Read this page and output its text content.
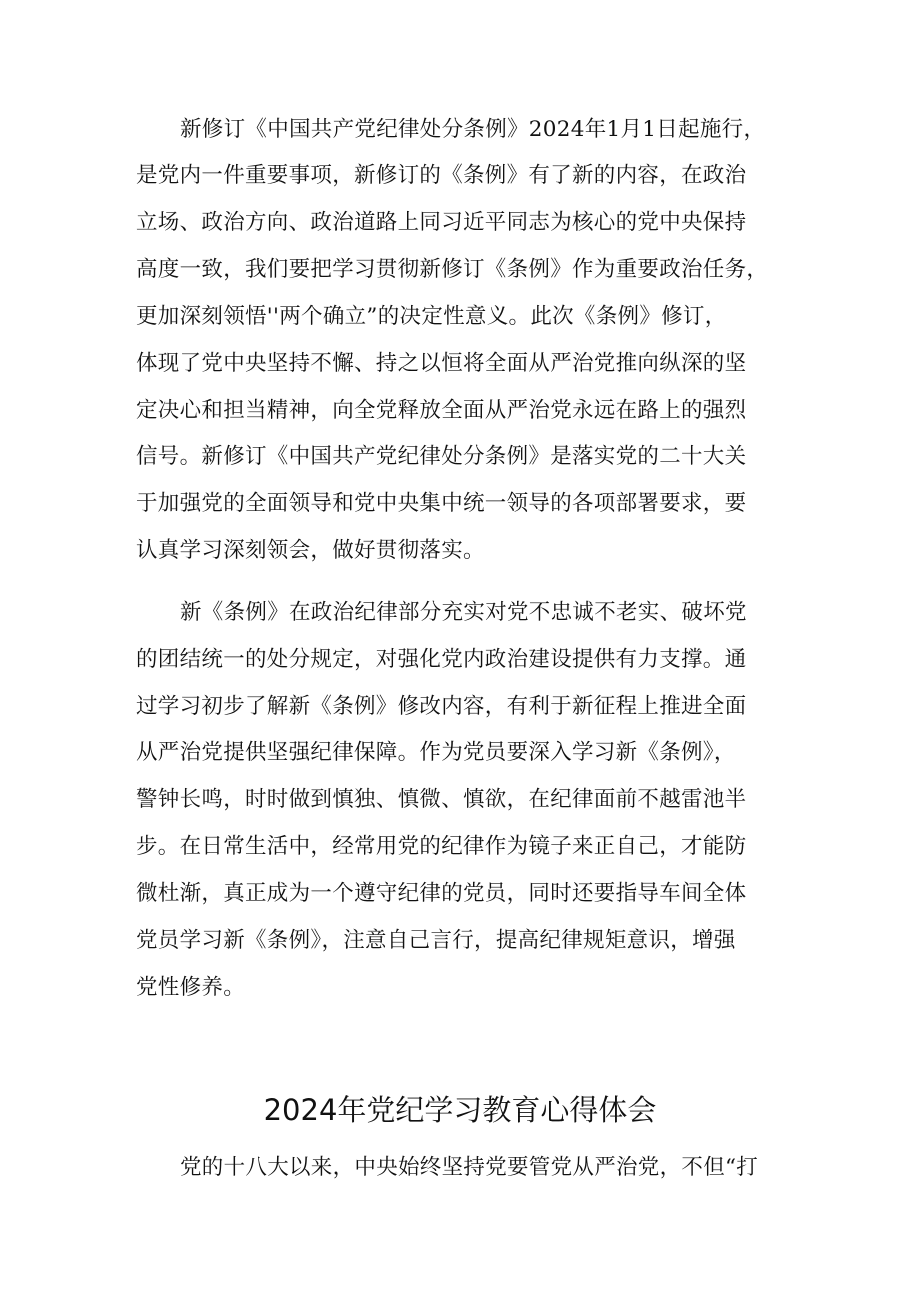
新修订《中国共产党纪律处分条例》2024年1月1日起施行，
是党内一件重要事项，新修订的《条例》有了新的内容，在政治
立场、政治方向、政治道路上同习近平同志为核心的党中央保持
高度一致，我们要把学习贯彻新修订《条例》作为重要政治任务，
更加深刻领悟''两个确立”的决定性意义。此次《条例》修订，
体现了党中央坚持不懈、持之以恒将全面从严治党推向纵深的坚
定决心和担当精神，向全党释放全面从严治党永远在路上的强烈
信号。新修订《中国共产党纪律处分条例》是落实党的二十大关
于加强党的全面领导和党中央集中统一领导的各项部署要求，要
认真学习深刻领会，做好贯彻落实。
新《条例》在政治纪律部分充实对党不忠诚不老实、破坏党
的团结统一的处分规定，对强化党内政治建设提供有力支撑。通
过学习初步了解新《条例》修改内容，有利于新征程上推进全面
从严治党提供坚强纪律保障。作为党员要深入学习新《条例》，
警钟长鸣，时时做到慎独、慎微、慎欲，在纪律面前不越雷池半
步。在日常生活中，经常用党的纪律作为镜子来正自己，才能防
微杜渐，真正成为一个遵守纪律的党员，同时还要指导车间全体
党员学习新《条例》，注意自己言行，提高纪律规矩意识，增强
党性修养。
2024年党纪学习教育心得体会
党的十八大以来，中央始终坚持党要管党从严治党，不但“打
